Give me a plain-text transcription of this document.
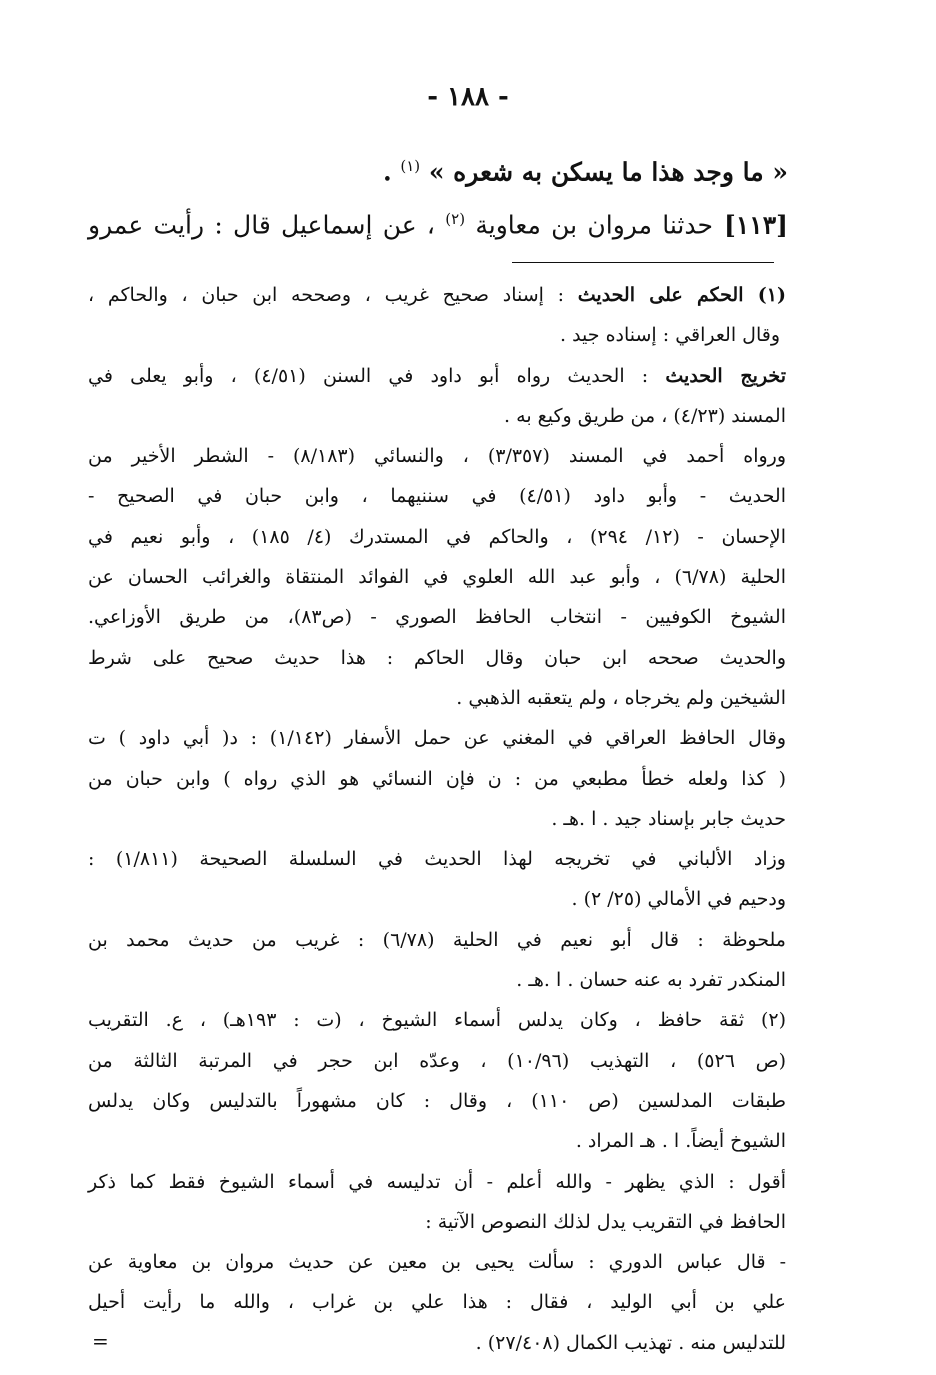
- ١٨٨ -
« ما وجد هذا ما يسكن به شعره » $^{(١)}$ .
[١١٣] حدثنا مروان بن معاوية $^{(٢)}$ ، عن إسماعيل قال : رأيت عمرو
(١) الحكم على الحديث : إسناد صحيح غريب ، وصححه ابن حبان ، والحاكم ،
وقال العراقي : إسناده جيد .
تخريج الحديث : الحديث رواه أبو داود في السنن (٤/٥١) ، وأبو يعلى في
المسند (٤/٢٣) ، من طريق وكيع به .
ورواه أحمد في المسند (٣/٣٥٧) ، والنسائي (٨/١٨٣) - الشطر الأخير من
الحديث - وأبو داود (٤/٥١) في سننيهما ، وابن حبان في الصحيح -
الإحسان - (١٢/ ٢٩٤) ، والحاكم في المستدرك (٤/ ١٨٥) ، وأبو نعيم في
الحلية (٦/٧٨) ، وأبو عبد الله العلوي في الفوائد المنتقاة والغرائب الحسان عن
الشيوخ الكوفيين - انتخاب الحافظ الصوري - (ص٨٣)، من طريق الأوزاعي.
والحديث صححه ابن حبان وقال الحاكم : هذا حديث صحيح على شرط
الشيخين ولم يخرجاه ، ولم يتعقبه الذهبي .
وقال الحافظ العراقي في المغني عن حمل الأسفار (١/١٤٢) : د( أبي داود ) ت
( كذا ولعله خطأ مطبعي من : ن فإن النسائي هو الذي رواه ) وابن حبان من
حديث جابر بإسناد جيد . ا .هـ .
وزاد الألباني في تخريجه لهذا الحديث في السلسلة الصحيحة (١/٨١١) :
ودحيم في الأمالي (٢٥/ ٢) .
ملحوظة : قال أبو نعيم في الحلية (٦/٧٨) : غريب من حديث محمد بن
المنكدر تفرد به عنه حسان . ا .هـ .
(٢) ثقة حافظ ، وكان يدلس أسماء الشيوخ ، (ت : ١٩٣هـ) ، ع. التقريب
(ص ٥٢٦) ، التهذيب (١٠/٩٦) ، وعدّه ابن حجر في المرتبة الثالثة من
طبقات المدلسين (ص ١١٠) ، وقال : كان مشهوراً بالتدليس وكان يدلس
الشيوخ أيضاً. ا . هـ المراد .
أقول : الذي يظهر - والله أعلم - أن تدليسه في أسماء الشيوخ فقط كما ذكر
الحافظ في التقريب يدل لذلك النصوص الآتية :
- قال عباس الدوري : سألت يحيى بن معين عن حديث مروان بن معاوية عن
علي بن أبي الوليد ، فقال : هذا علي بن غراب ، والله ما رأيت أحيل
للتدليس منه . تهذيب الكمال (٢٧/٤٠٨) .
=
